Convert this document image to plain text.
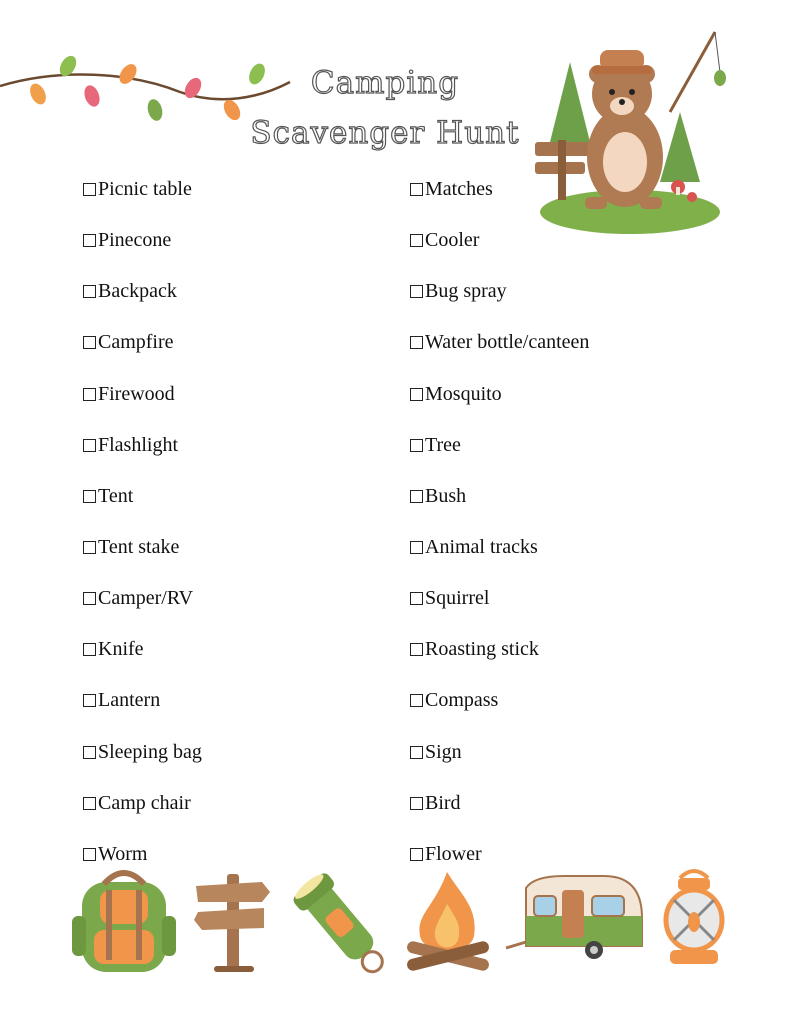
Camping
Scavenger Hunt
Picnic table
Pinecone
Backpack
Campfire
Firewood
Flashlight
Tent
Tent stake
Camper/RV
Knife
Lantern
Sleeping bag
Camp chair
Worm
Matches
Cooler
Bug spray
Water bottle/canteen
Mosquito
Tree
Bush
Animal tracks
Squirrel
Roasting stick
Compass
Sign
Bird
Flower
